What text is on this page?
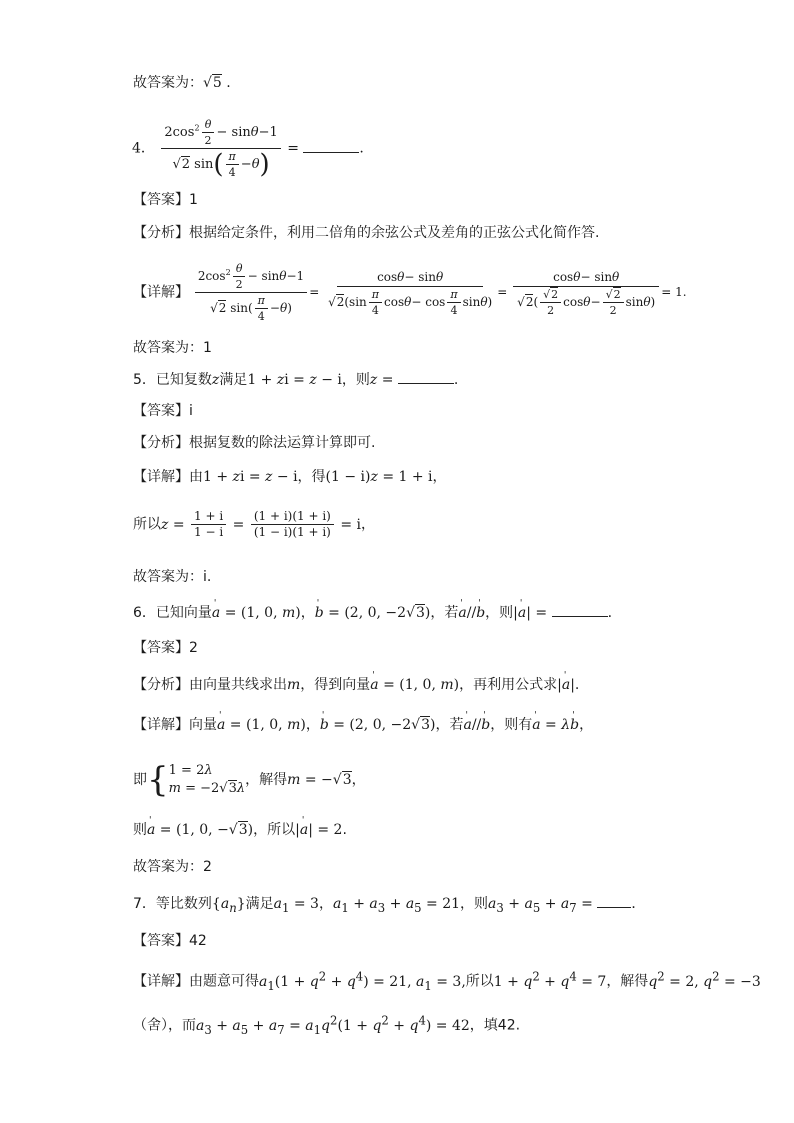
故答案为：√5 .
4． $\frac{2\cos^2 \frac{\theta}{2} - \sin\theta-1}{√2 \sin( \frac{\pi}{4} -\theta)}$ =	.
【答案】1
【分析】根据给定条件，利用二倍角的余弦公式及差角的正弦公式化简作答.
【详解】 $\frac{2\cos^2 \frac{\theta}{2} - \sin\theta-1}{√2 \sin( \frac{\pi}{4} -\theta)} = \frac{\cos\theta- \sin\theta}{√2(\sin \frac{\pi}{4} \cos\theta- \cos \frac{\pi}{4} \sin\theta)} = \frac{\cos\theta- \sin\theta}{√2( \frac{√2}{2} \cos\theta- \frac{√2}{2} \sin\theta)} = 1$.
故答案为：1
5．已知复数z满足1 + zi = z − i，则z =	.
【答案】i
【分析】根据复数的除法运算计算即可.
【详解】由1 + zi = z − i，得(1 − i)z = 1 + i，
所以$z = \frac{1 + i}{1 - i} = \frac{(1 + i)(1 + i)}{(1 - i)(1 + i)} = i$，
故答案为：i.
6．已知向量' a = (1, 0, m)，' b = (2, 0, −2√3)，若' a//' b，则|' a| =	.
【答案】2
【分析】由向量共线求出m，得到向量' a = (1, 0, m)，再利用公式求|' a|.
【详解】向量' a = (1, 0, m)，' b = (2, 0, −2√3)，若' a//' b，则有' a = λ' b，
即{ 1 = 2λ
m = −2√3λ
，解得m = −√3，
则' a = (1, 0, −√3)，所以|' a| = 2.
故答案为：2
7．等比数列$\{a_n\}$满足$a_1 = 3$，$a_1 + a_3 + a_5 = 21$，则$a_3 + a_5 + a_7$ = ．
【答案】42
【详解】由题意可得$a_1(1 + q^2 + q^4) = 21$, $a_1 = 3$,所以$1 + q^2 + q^4 = 7$，解得$q^2 = 2$, $q^2 = -3$
（舍），而$a_3 + a_5 + a_7 = a_1q^2(1 + q^2 + q^4) = 42$，填42.
